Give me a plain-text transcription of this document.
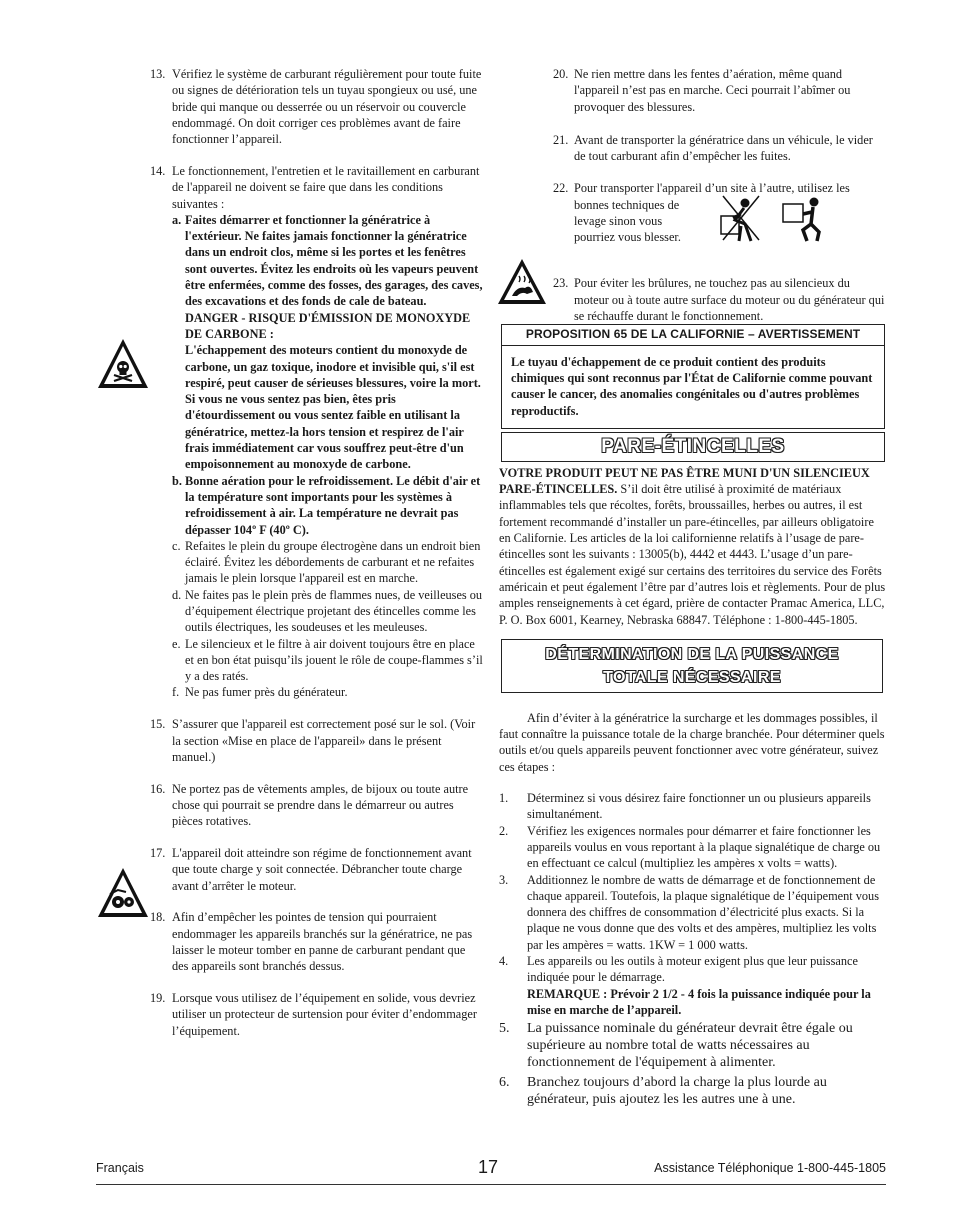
13. Vérifiez le système de carburant régulièrement pour toute fuite ou signes de détérioration tels un tuyau spongieux ou usé, une bride qui manque ou desserrée ou un réservoir ou couvercle endommagé. On doit corriger ces problèmes avant de faire fonctionner l’appareil.
14. Le fonctionnement, l'entretien et le ravitaillement en carburant de l'appareil ne doivent se faire que dans les conditions suivantes :
a. Faites démarrer et fonctionner la génératrice à l'extérieur. Ne faites jamais fonctionner la génératrice dans un endroit clos, même si les portes et les fenêtres sont ouvertes. Évitez les endroits où les vapeurs peuvent être enfermées, comme des fosses, des garages, des caves, des excavations et des fonds de cale de bateau.
DANGER - RISQUE D'ÉMISSION DE MONOXYDE DE CARBONE :
L'échappement des moteurs contient du monoxyde de carbone, un gaz toxique, inodore et invisible qui, s'il est respiré, peut causer de sérieuses blessures, voire la mort. Si vous ne vous sentez pas bien, êtes pris d'étourdissement ou vous sentez faible en utilisant la génératrice, mettez-la hors tension et respirez de l'air frais immédiatement car vous souffrez peut-être d'un empoisonnement au monoxyde de carbone.
b. Bonne aération pour le refroidissement. Le débit d'air et la température sont importants pour les systèmes à refroidissement à air. La température ne devrait pas dépasser 104º F (40º C).
c. Refaites le plein du groupe électrogène dans un endroit bien éclairé. Évitez les débordements de carburant et ne refaites jamais le plein lorsque l'appareil est en marche.
d. Ne faites pas le plein près de flammes nues, de veilleuses ou d’équipement électrique projetant des étincelles comme les outils électriques, les soudeuses et les meuleuses.
e. Le silencieux et le filtre à air doivent toujours être en place et en bon état puisqu’ils jouent le rôle de coupe-flammes s’il y a des ratés.
f. Ne pas fumer près du générateur.
15. S’assurer que l'appareil est correctement posé sur le sol. (Voir la section «Mise en place de l'appareil» dans le présent manuel.)
16. Ne portez pas de vêtements amples, de bijoux ou toute autre chose qui pourrait se prendre dans le démarreur ou autres pièces rotatives.
17. L'appareil doit atteindre son régime de fonctionnement avant que toute charge y soit connectée. Débrancher toute charge avant d’arrêter le moteur.
18. Afin d’empêcher les pointes de tension qui pourraient endommager les appareils branchés sur la génératrice, ne pas laisser le moteur tomber en panne de carburant pendant que des appareils sont branchés dessus.
19. Lorsque vous utilisez de l’équipement en solide, vous devriez utiliser un protecteur de surtension pour éviter d’endommager l’équipement.
20. Ne rien mettre dans les fentes d’aération, même quand l'appareil n’est pas en marche. Ceci pourrait l’abîmer ou provoquer des blessures.
21. Avant de transporter la génératrice dans un véhicule, le vider de tout carburant afin d’empêcher les fuites.
22. Pour transporter l'appareil d’un site à l’autre, utilisez les
bonnes techniques de
levage sinon vous
pourriez vous blesser.
23. Pour éviter les brûlures, ne touchez pas au silencieux du moteur ou à toute autre surface du moteur ou du générateur qui se réchauffe durant le fonctionnement.
PROPOSITION 65 DE LA CALIFORNIE – AVERTISSEMENT
Le tuyau d'échappement de ce produit contient des produits chimiques qui sont reconnus par l'État de Californie comme pouvant causer le cancer, des anomalies congénitales ou d'autres problèmes reproductifs.
PARE-ÉTINCELLES
VOTRE PRODUIT PEUT NE PAS ÊTRE MUNI D'UN SILENCIEUX PARE-ÉTINCELLES. S’il doit être utilisé à proximité de matériaux inflammables tels que récoltes, forêts, broussailles, herbes ou autres, il est fortement recommandé d’installer un pare-étincelles, par ailleurs obligatoire en Californie. Les articles de la loi californienne relatifs à l’usage de pare-étincelles sont les suivants : 13005(b), 4442 et 4443. L’usage d’un pare-étincelles est également exigé sur certains des territoires du service des Forêts américain et peut également l’être par d’autres lois et règlements. Pour de plus amples renseignements à cet égard, prière de contacter Pramac America, LLC, P. O. Box 6001, Kearney, Nebraska 68847. Téléphone : 1-800-445-1805.
DÉTERMINATION DE LA PUISSANCE
TOTALE NÉCESSAIRE
Afin d’éviter à la génératrice la surcharge et les dommages possibles, il faut connaître la puissance totale de la charge branchée. Pour déterminer quels outils et/ou quels appareils peuvent fonctionner avec votre générateur, suivez ces étapes :
1. Déterminez si vous désirez faire fonctionner un ou plusieurs appareils simultanément.
2. Vérifiez les exigences normales pour démarrer et faire fonctionner les appareils voulus en vous reportant à la plaque signalétique de charge ou en effectuant ce calcul (multipliez les ampères x volts = watts).
3. Additionnez le nombre de watts de démarrage et de fonctionnement de chaque appareil. Toutefois, la plaque signalétique de l’équipement vous donnera des chiffres de consommation d’électricité plus exacts. Si la plaque ne vous donne que des volts et des ampères, multipliez les volts par les ampères = watts. 1KW = 1 000 watts.
4. Les appareils ou les outils à moteur exigent plus que leur puissance indiquée pour le démarrage.
REMARQUE : Prévoir 2 1/2 - 4 fois la puissance indiquée pour la mise en marche de l’appareil.
5. La puissance nominale du générateur devrait être égale ou supérieure au nombre total de watts nécessaires au fonctionnement de l'équipement à alimenter.
6. Branchez toujours d’abord la charge la plus lourde au générateur, puis ajoutez les les autres une à une.
Français	17	Assistance Téléphonique 1-800-445-1805
